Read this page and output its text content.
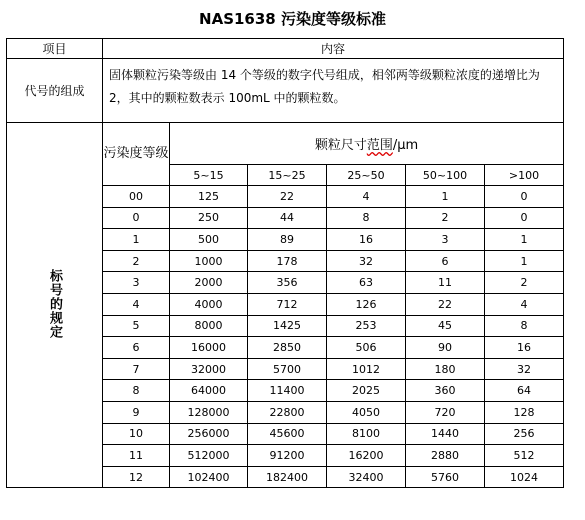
NAS1638 污染度等级标准
项目	内容					
代号的组成	固体颗粒污染等级由 14 个等级的数字代号组成，相邻两等级颗粒浓度的递增比为 2，其中的颗粒数表示 100mL 中的颗粒数。					
标号的规定	污染度等级	颗粒尺寸范围/μm				
		5~15	15~25	25~50	50~100	>100
	00	125	22	4	1	0
	0	250	44	8	2	0
	1	500	89	16	3	1
	2	1000	178	32	6	1
	3	2000	356	63	11	2
	4	4000	712	126	22	4
	5	8000	1425	253	45	8
	6	16000	2850	506	90	16
	7	32000	5700	1012	180	32
	8	64000	11400	2025	360	64
	9	128000	22800	4050	720	128
	10	256000	45600	8100	1440	256
	11	512000	91200	16200	2880	512
	12	102400	182400	32400	5760	1024
